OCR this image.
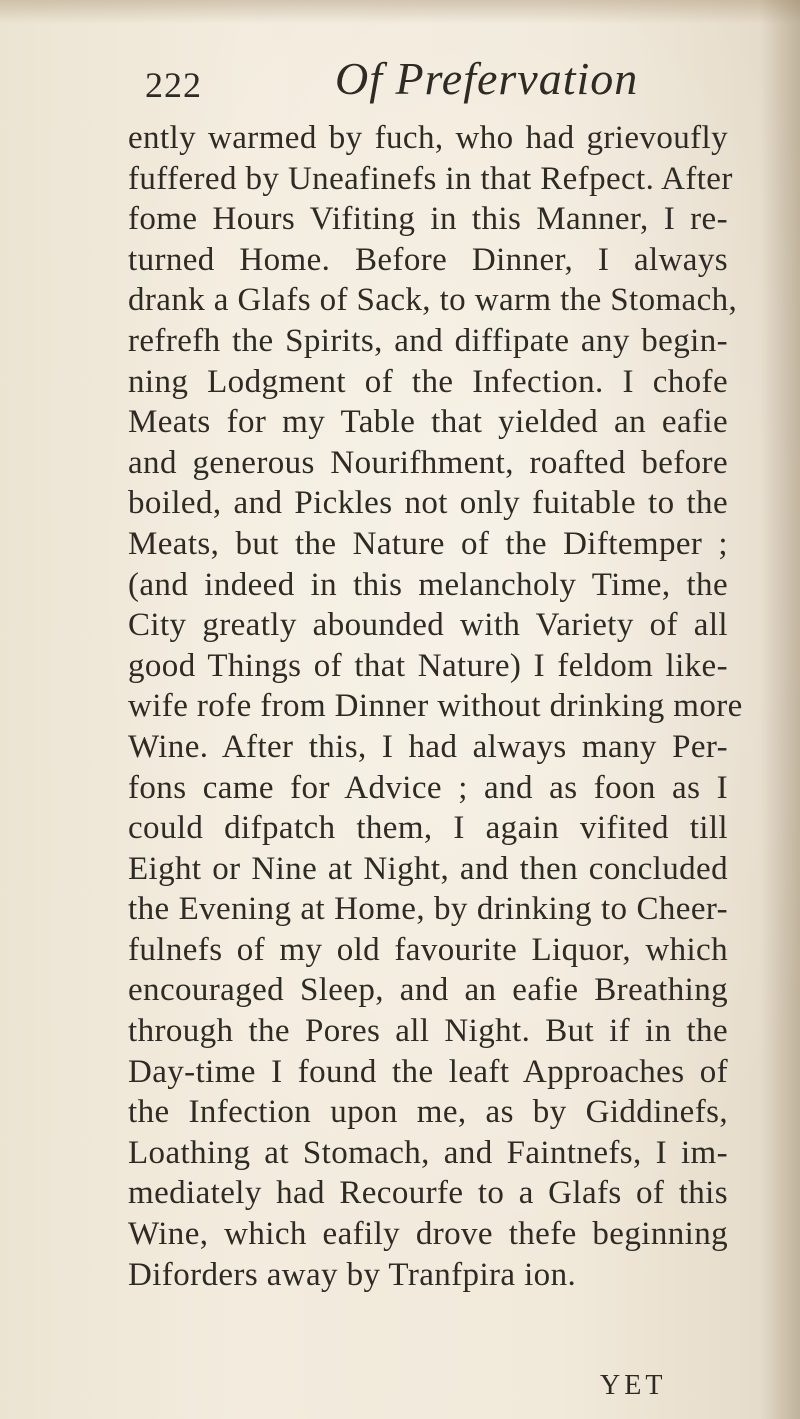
222	Of Prefervation
ently warmed by fuch, who had grievoufly
fuffered by Uneafinefs in that Refpect. After
fome Hours Vifiting in this Manner, I re-
turned Home. Before Dinner, I always
drank a Glafs of Sack, to warm the Stomach,
refrefh the Spirits, and diffipate any begin-
ning Lodgment of the Infection. I chofe
Meats for my Table that yielded an eafie
and generous Nourifhment, roafted before
boiled, and Pickles not only fuitable to the
Meats, but the Nature of the Diftemper ;
(and indeed in this melancholy Time, the
City greatly abounded with Variety of all
good Things of that Nature) I feldom like-
wife rofe from Dinner without drinking more
Wine. After this, I had always many Per-
fons came for Advice ; and as foon as I
could difpatch them, I again vifited till
Eight or Nine at Night, and then concluded
the Evening at Home, by drinking to Cheer-
fulnefs of my old favourite Liquor, which
encouraged Sleep, and an eafie Breathing
through the Pores all Night. But if in the
Day-time I found the leaft Approaches of
the Infection upon me, as by Giddinefs,
Loathing at Stomach, and Faintnefs, I im-
mediately had Recourfe to a Glafs of this
Wine, which eafily drove thefe beginning
Diforders away by Tranfpira ion.
YET
